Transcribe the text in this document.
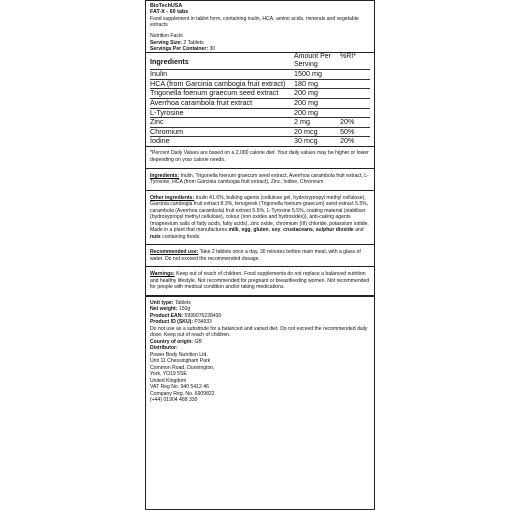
BioTechUSA
FAT-X - 60 tabs
Food supplement in tablet form, containing inulin, HCA, amino acids, minerals and vegetable extracts
Nutrition Facts
Serving Size: 2 Tablets
Servings Per Container: 30
Ingredients	Amount Per Serving	%RI*
Inulin	1500 mg	
HCA (from Garcinia cambogia fruit extract)	180 mg	
Trigonella foenum graecum seed extract	200 mg	
Averrhoa carambola fruit extract	200 mg	
L-Tyrosine	200 mg	
Zinc	2 mg	20%
Chromium	20 mcg	50%
Iodine	30 mcg	20%
*Percent Daily Values are based on a 2,000 calorie diet. Your daily values may be higher or lower depending on your calorie needs.
Ingredients: Inulin, Trigonella foenum graecum seed extract, Averrhoa carambola fruit extract, L-Tyrosine, HCA (from Garcinia cambogia fruit extract), Zinc, Iodine, Chromium
Other ingredients: Inulin 41.6%, bulking agents (cellulose gel, hydroxypropyl methyl cellulose), Garcinia cambogia fruit extract 8.3%, fenugreek (Trigonella foenum-graecum) seed extract 5.5%, carambola (Averrhoa carambola) fruit extract 5.5%, L-Tyrosine 5.5%, coating material (stabiliser (hydroxypropyl methyl cellulose), colour (iron oxides and hydroxides)), anti-caking agents (magnesium salts of fatty acids, fatty acids), zinc oxide, chromium (III) chloride, potassium iodide. Made in a plant that manufactures milk, egg, gluten, soy, crustaceans, sulphur dioxide and nuts containing foods.
Recommended use: Take 2 tablets once a day, 30 minutes before main meal, with a glass of water. Do not exceed the recommended dosage.
Warnings: Keep out of reach of children. Food supplements do not replace a balanced nutrition and healthy lifestyle. Not recommended for pregnant or breastfeeding women. Not recommended for people with medical condition and/or taking medications.
Unit type: Tablets
Net weight: 150g
Product EAN: 5999076228430
Product ID (SKU): P34933
Do not use as a substitute for a balanced and varied diet. Do not exceed the recommended daily dose. Keep out of reach of children.
Country of origin: GB
Distributor:
Power Body Nutrition Ltd.
Unit 11 Chessingham Park
Common Road, Dunnington,
York, YO19 5SE
United Kingdom
VAT Reg No. 940 5412 46
Company Reg. No. 6909822
(+44) 01904 488 330
